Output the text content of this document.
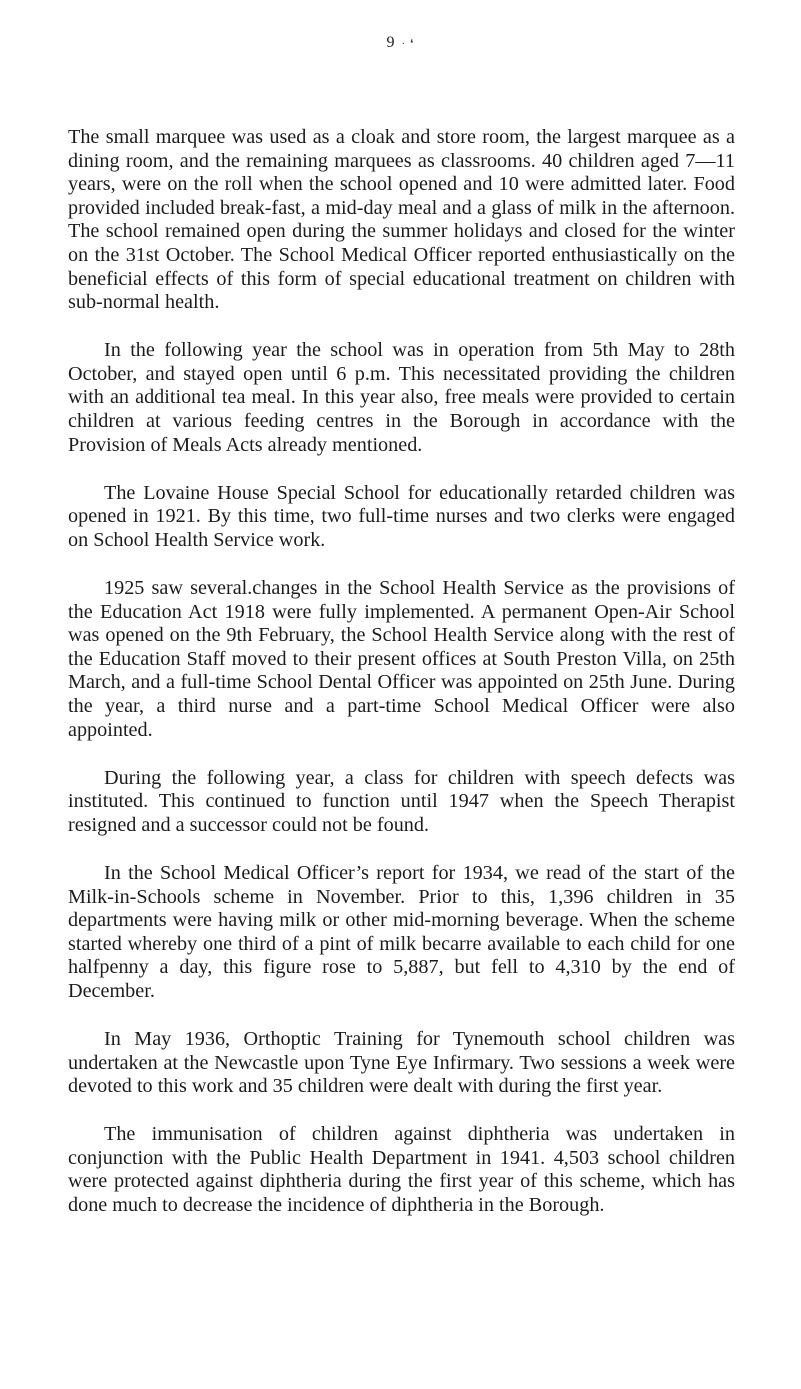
9 · ❛

The small marquee was used as a cloak and store room, the largest marquee as a dining room, and the remaining marquees as classrooms. 40 children aged 7—11 years, were on the roll when the school opened and 10 were admitted later. Food provided included break-fast, a mid-day meal and a glass of milk in the afternoon. The school remained open during the summer holidays and closed for the winter on the 31st October. The School Medical Officer reported enthusiastically on the beneficial effects of this form of special educational treatment on children with sub-normal health.

In the following year the school was in operation from 5th May to 28th October, and stayed open until 6 p.m. This necessitated providing the children with an additional tea meal. In this year also, free meals were provided to certain children at various feeding centres in the Borough in accordance with the Provision of Meals Acts already mentioned.

The Lovaine House Special School for educationally retarded children was opened in 1921. By this time, two full-time nurses and two clerks were engaged on School Health Service work.

1925 saw several.changes in the School Health Service as the provisions of the Education Act 1918 were fully implemented. A permanent Open-Air School was opened on the 9th February, the School Health Service along with the rest of the Education Staff moved to their present offices at South Preston Villa, on 25th March, and a full-time School Dental Officer was appointed on 25th June. During the year, a third nurse and a part-time School Medical Officer were also appointed.

During the following year, a class for children with speech defects was instituted. This continued to function until 1947 when the Speech Therapist resigned and a successor could not be found.

In the School Medical Officer’s report for 1934, we read of the start of the Milk-in-Schools scheme in November. Prior to this, 1,396 children in 35 departments were having milk or other mid-morning beverage. When the scheme started whereby one third of a pint of milk becarre available to each child for one halfpenny a day, this figure rose to 5,887, but fell to 4,310 by the end of December.

In May 1936, Orthoptic Training for Tynemouth school children was undertaken at the Newcastle upon Tyne Eye Infirmary. Two sessions a week were devoted to this work and 35 children were dealt with during the first year.

The immunisation of children against diphtheria was undertaken in conjunction with the Public Health Department in 1941. 4,503 school children were protected against diphtheria during the first year of this scheme, which has done much to decrease the incidence of diphtheria in the Borough.
